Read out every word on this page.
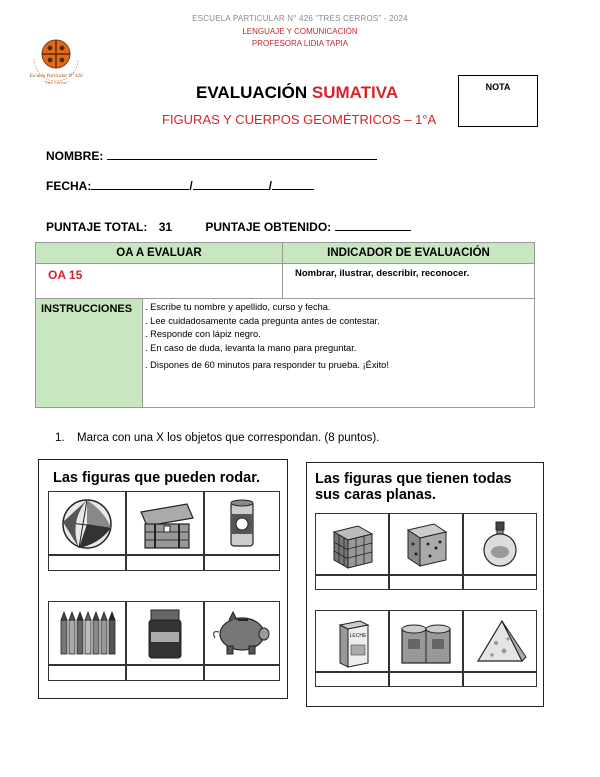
ESCUELA PARTICULAR N° 426 "TRES CERROS" - 2024
LENGUAJE Y COMUNICACIÓN
PROFESORA LIDIA TAPIA
Escuela Particular N° 426
"Tres Cerros"
EVALUACIÓN SUMATIVA
FIGURAS Y CUERPOS GEOMÉTRICOS – 1°A
NOTA
NOMBRE:
FECHA:	/	/
PUNTAJE TOTAL: 31	PUNTAJE OBTENIDO:
OA A EVALUAR	INDICADOR DE EVALUACIÓN
OA 15	Nombrar, ilustrar, describir, reconocer.

INSTRUCCIONES	. Escribe tu nombre y apellido, curso y fecha.
. Lee cuidadosamente cada pregunta antes de contestar.
. Responde con lápiz negro.
. En caso de duda, levanta la mano para preguntar.
. Dispones de 60 minutos para responder tu prueba. ¡Éxito!
1. Marca con una X los objetos que correspondan. (8 puntos).
Las figuras que pueden rodar.	Las figuras que tienen todas
sus caras planas.
LECHE
